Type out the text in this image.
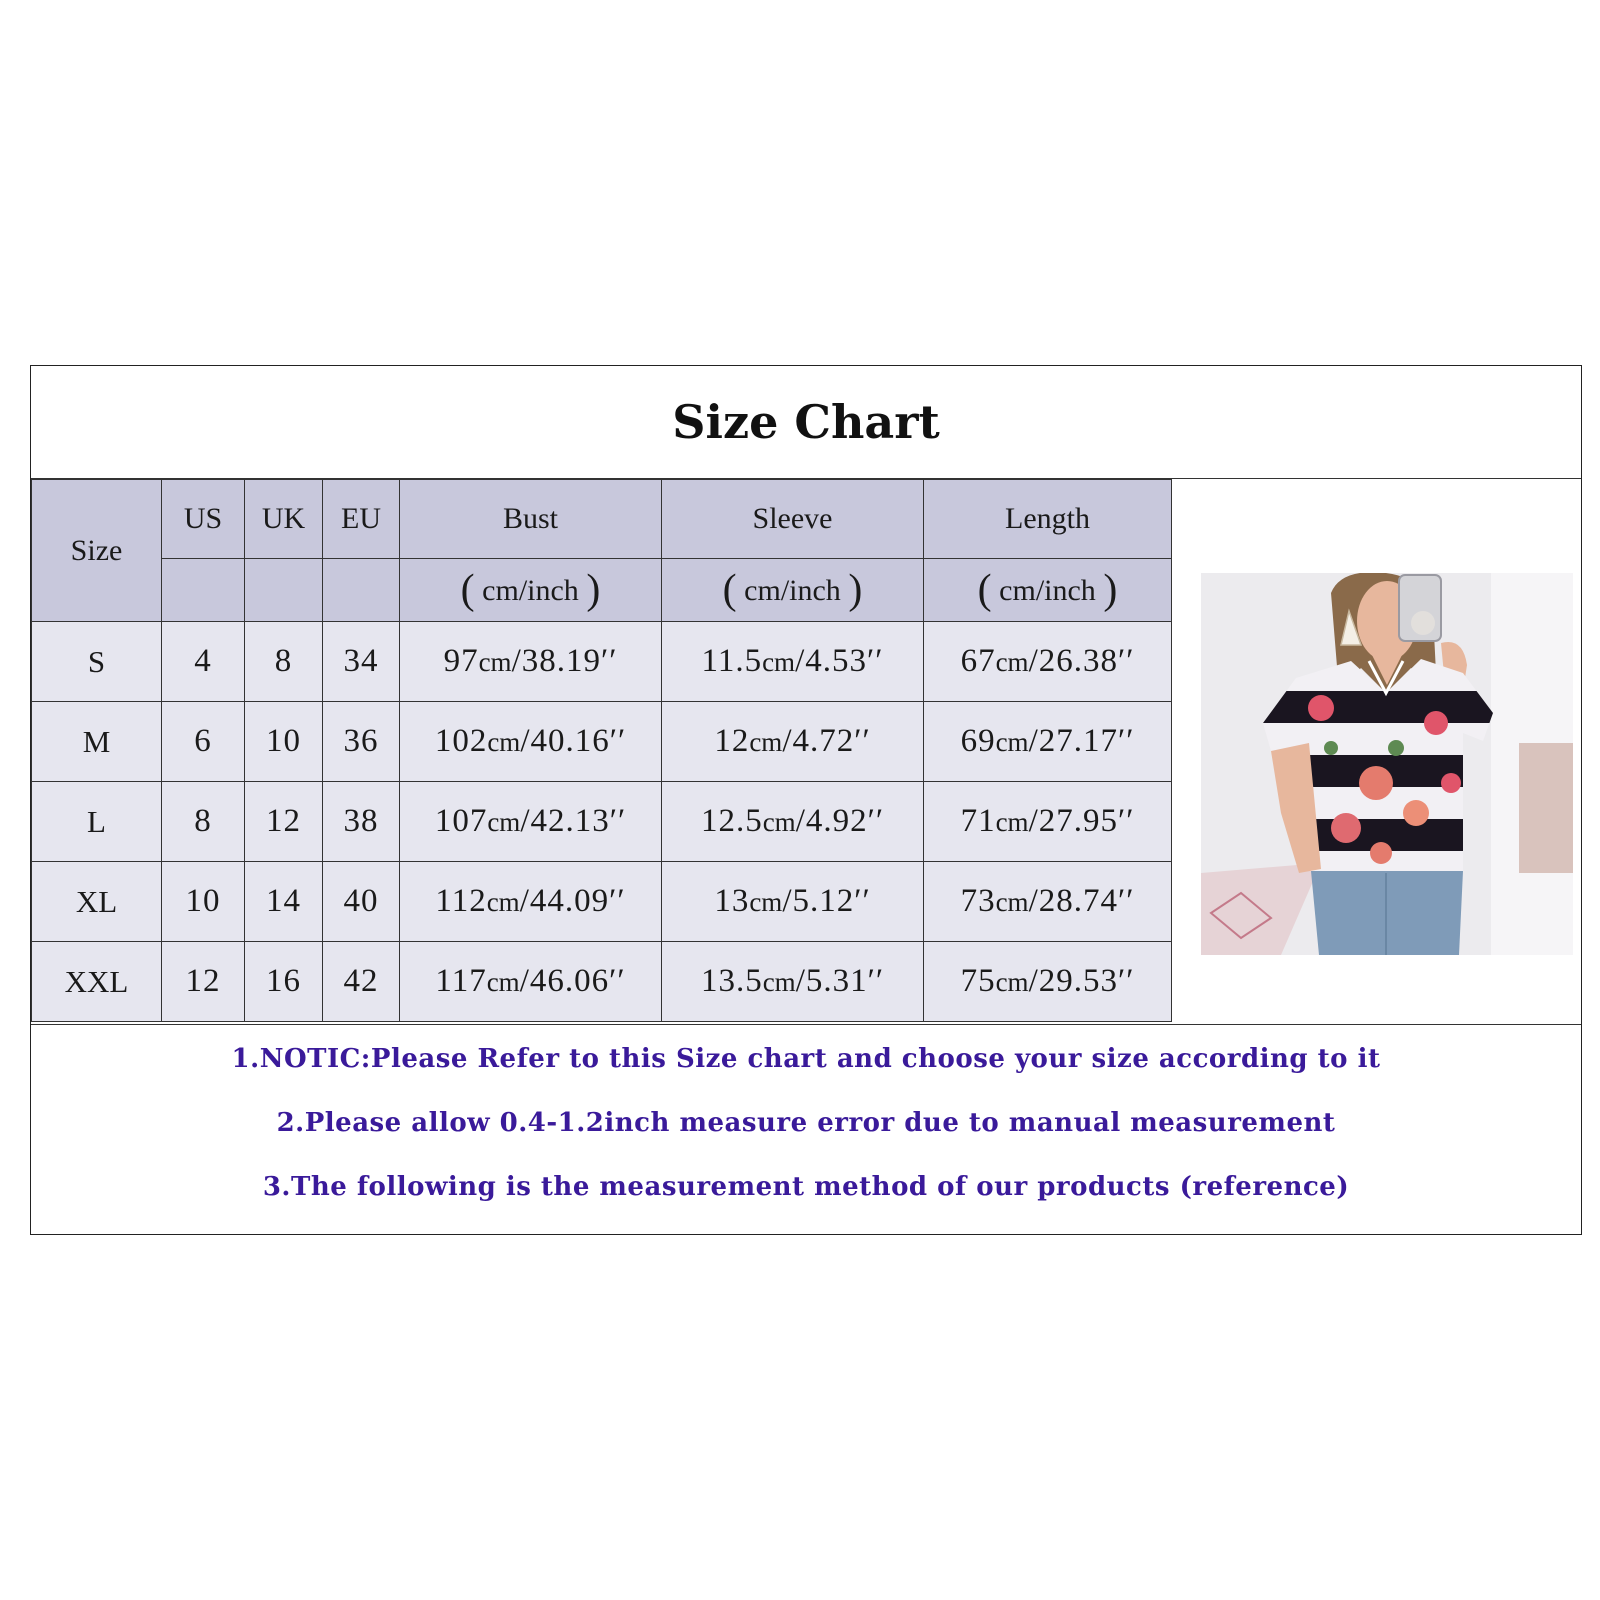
Size Chart
Size	US	UK	EU	Bust	Sleeve	Length
				( cm/inch )	( cm/inch )	( cm/inch )
S	4	8	34	97cm/38.19′′	11.5cm/4.53′′	67cm/26.38′′
M	6	10	36	102cm/40.16′′	12cm/4.72′′	69cm/27.17′′
L	8	12	38	107cm/42.13′′	12.5cm/4.92′′	71cm/27.95′′
XL	10	14	40	112cm/44.09′′	13cm/5.12′′	73cm/28.74′′
XXL	12	16	42	117cm/46.06′′	13.5cm/5.31′′	75cm/29.53′′
1.NOTIC:Please Refer to this Size chart and choose your size according to it
2.Please allow 0.4-1.2inch measure error due to manual measurement
3.The following is the measurement method of our products (reference)
